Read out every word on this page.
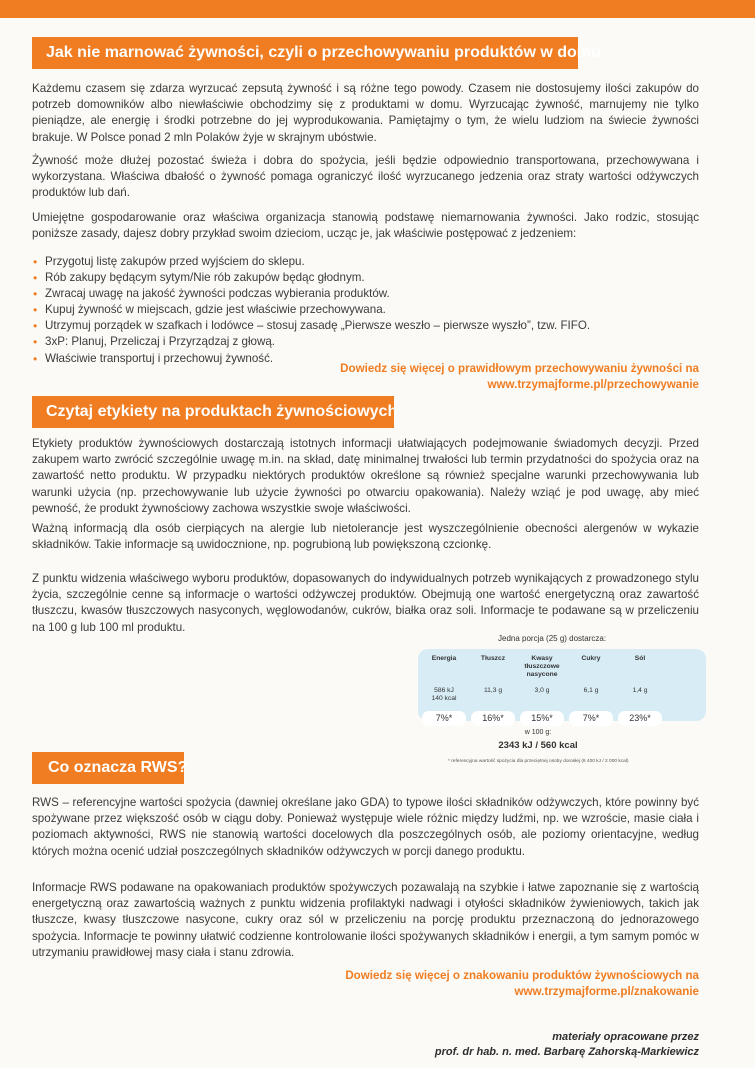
Jak nie marnować żywności, czyli o przechowywaniu produktów w domu

Każdemu czasem się zdarza wyrzucać zepsutą żywność i są różne tego powody. Czasem nie dostosujemy ilości zakupów do potrzeb domowników albo niewłaściwie obchodzimy się z produktami w domu. Wyrzucając żywność, marnujemy nie tylko pieniądze, ale energię i środki potrzebne do jej wyprodukowania. Pamiętajmy o tym, że wielu ludziom na świecie żywności brakuje. W Polsce ponad 2 mln Polaków żyje w skrajnym ubóstwie.

Żywność może dłużej pozostać świeża i dobra do spożycia, jeśli będzie odpowiednio transportowana, przechowywana i wykorzystana. Właściwa dbałość o żywność pomaga ograniczyć ilość wyrzucanego jedzenia oraz straty wartości odżywczych produktów lub dań.

Umiejętne gospodarowanie oraz właściwa organizacja stanowią podstawę niemarnowania żywności. Jako rodzic, stosując poniższe zasady, dajesz dobry przykład swoim dzieciom, ucząc je, jak właściwie postępować z jedzeniem:

• Przygotuj listę zakupów przed wyjściem do sklepu.
• Rób zakupy będącym sytym/Nie rób zakupów będąc głodnym.
• Zwracaj uwagę na jakość żywności podczas wybierania produktów.
• Kupuj żywność w miejscach, gdzie jest właściwie przechowywana.
• Utrzymuj porządek w szafkach i lodówce – stosuj zasadę „Pierwsze weszło – pierwsze wyszło”, tzw. FIFO.
• 3xP: Planuj, Przeliczaj i Przyrządzaj z głową.
• Właściwie transportuj i przechowuj żywność.
Dowiedz się więcej o prawidłowym przechowywaniu żywności na
www.trzymajforme.pl/przechowywanie
Czytaj etykiety na produktach żywnościowych

Etykiety produktów żywnościowych dostarczają istotnych informacji ułatwiających podejmowanie świadomych decyzji. Przed zakupem warto zwrócić szczególnie uwagę m.in. na skład, datę minimalnej trwałości lub termin przydatności do spożycia oraz na zawartość netto produktu. W przypadku niektórych produktów określone są również specjalne warunki przechowywania lub warunki użycia (np. przechowywanie lub użycie żywności po otwarciu opakowania). Należy wziąć je pod uwagę, aby mieć pewność, że produkt żywnościowy zachowa wszystkie swoje właściwości.

Ważną informacją dla osób cierpiących na alergie lub nietolerancje jest wyszczególnienie obecności alergenów w wykazie składników. Takie informacje są uwidocznione, np. pogrubioną lub powiększoną czcionkę.

Z punktu widzenia właściwego wyboru produktów, dopasowanych do indywidualnych potrzeb wynikających z prowadzonego stylu życia, szczególnie cenne są informacje o wartości odżywczej produktów. Obejmują one wartość energetyczną oraz zawartość tłuszczu, kwasów tłuszczowych nasyconych, węglowodanów, cukrów, białka oraz soli. Informacje te podawane są w przeliczeniu na 100 g lub 100 ml produktu.

Jedna porcja (25 g) dostarcza:
Energia
586 kJ
140 kcal
7%*
Tłuszcz
11,3 g
16%*
Kwasy tłuszczowe nasycone
3,0 g
15%*
Cukry
6,1 g
7%*
Sól
1,4 g
23%*
w 100 g:
2343 kJ / 560 kcal
* referencyjna wartość spożycia dla przeciętnej osoby dorosłej (8 400 kJ / 2 000 kcal)
Co oznacza RWS?

RWS – referencyjne wartości spożycia (dawniej określane jako GDA) to typowe ilości składników odżywczych, które powinny być spożywane przez większość osób w ciągu doby. Ponieważ występuje wiele różnic między ludźmi, np. we wzroście, masie ciała i poziomach aktywności, RWS nie stanowią wartości docelowych dla poszczególnych osób, ale poziomy orientacyjne, według których można ocenić udział poszczególnych składników odżywczych w porcji danego produktu.

Informacje RWS podawane na opakowaniach produktów spożywczych pozawalają na szybkie i łatwe zapoznanie się z wartością energetyczną oraz zawartością ważnych z punktu widzenia profilaktyki nadwagi i otyłości składników żywieniowych, takich jak tłuszcze, kwasy tłuszczowe nasycone, cukry oraz sól w przeliczeniu na porcję produktu przeznaczoną do jednorazowego spożycia. Informacje te powinny ułatwić codzienne kontrolowanie ilości spożywanych składników i energii, a tym samym pomóc w utrzymaniu prawidłowej masy ciała i stanu zdrowia.

Dowiedz się więcej o znakowaniu produktów żywnościowych na
www.trzymajforme.pl/znakowanie
materiały opracowane przez
prof. dr hab. n. med. Barbarę Zahorską-Markiewicz
